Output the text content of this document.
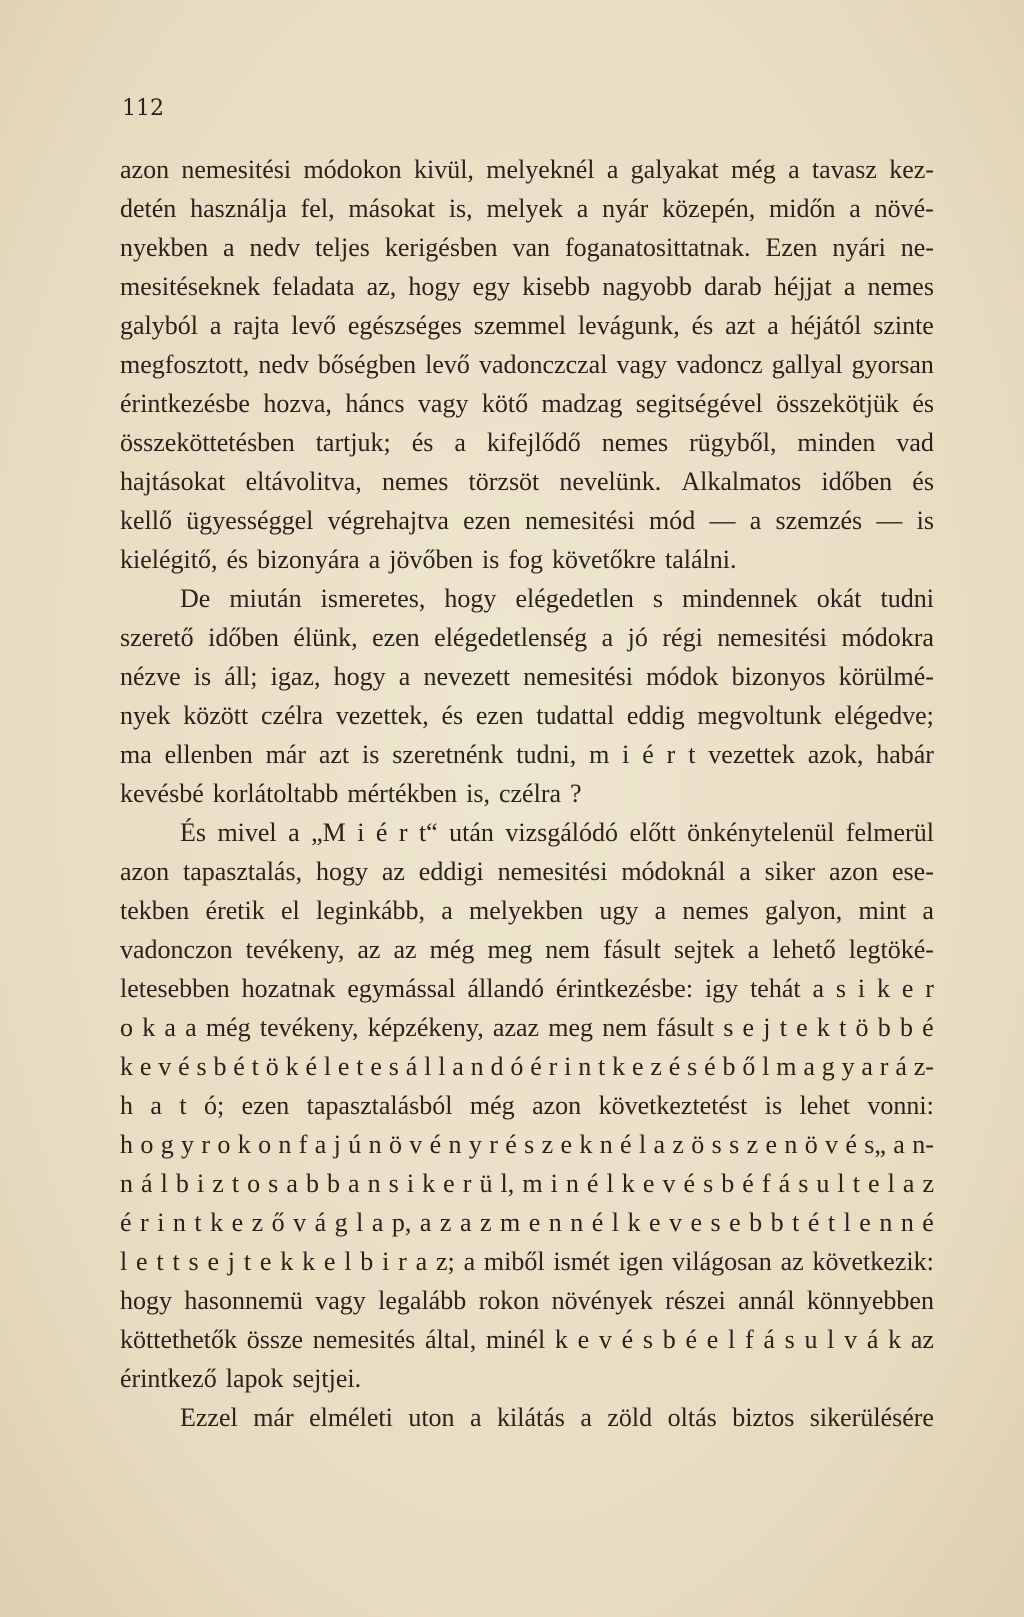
112
azon nemesitési módokon kivül, melyeknél a galyakat még a tavasz kez-
detén használja fel, másokat is, melyek a nyár közepén, midőn a növé-
nyekben a nedv teljes kerigésben van foganatosittatnak. Ezen nyári ne-
mesitéseknek feladata az, hogy egy kisebb nagyobb darab héjjat a nemes
galyból a rajta levő egészséges szemmel levágunk, és azt a héjától szinte
megfosztott, nedv bőségben levő vadonczczal vagy vadoncz gallyal gyorsan
érintkezésbe hozva, háncs vagy kötő madzag segitségével összekötjük és
összeköttetésben tartjuk; és a kifejlődő nemes rügyből, minden vad
hajtásokat eltávolitva, nemes törzsöt nevelünk. Alkalmatos időben és
kellő ügyességgel végrehajtva ezen nemesitési mód — a szemzés — is
kielégitő, és bizonyára a jövőben is fog követőkre találni.
De miután ismeretes, hogy elégedetlen s mindennek okát tudni
szerető időben élünk, ezen elégedetlenség a jó régi nemesitési módokra
nézve is áll; igaz, hogy a nevezett nemesitési módok bizonyos körülmé-
nyek között czélra vezettek, és ezen tudattal eddig megvoltunk elégedve;
ma ellenben már azt is szeretnénk tudni, m i é r t vezettek azok, habár
kevésbé korlátoltabb mértékben is, czélra ?
És mivel a „M i é r t“ után vizsgálódó előtt önkénytelenül felmerül
azon tapasztalás, hogy az eddigi nemesitési módoknál a siker azon ese-
tekben éretik el leginkább, a melyekben ugy a nemes galyon, mint a
vadonczon tevékeny, az az még meg nem fásult sejtek a lehető legtöké-
letesebben hozatnak egymással állandó érintkezésbe: igy tehát a s i k e r
o k a a még tevékeny, képzékeny, azaz meg nem fásult s e j t e k t ö b b é
k e v é s b é t ö k é l e t e s á l l a n d ó é r i n t k e z é s é b ő l m a g y a r á z-
h a t ó; ezen tapasztalásból még azon következtetést is lehet vonni:
h o g y r o k o n f a j ú n ö v é n y r é s z e k n é l a z ö s s z e n ö v é s„ a n-
n á l b i z t o s a b b a n s i k e r ü l, m i n é l k e v é s b é f á s u l t e l a z
é r i n t k e z ő v á g l a p, a z a z m e n n é l k e v e s e b b t é t l e n n é
l e t t s e j t e k k e l b i r a z; a miből ismét igen világosan az következik:
hogy hasonnemü vagy legalább rokon növények részei annál könnyebben
köttethetők össze nemesités által, minél k e v é s b é e l f á s u l v á k az
érintkező lapok sejtjei.
Ezzel már elméleti uton a kilátás a zöld oltás biztos sikerülésére
